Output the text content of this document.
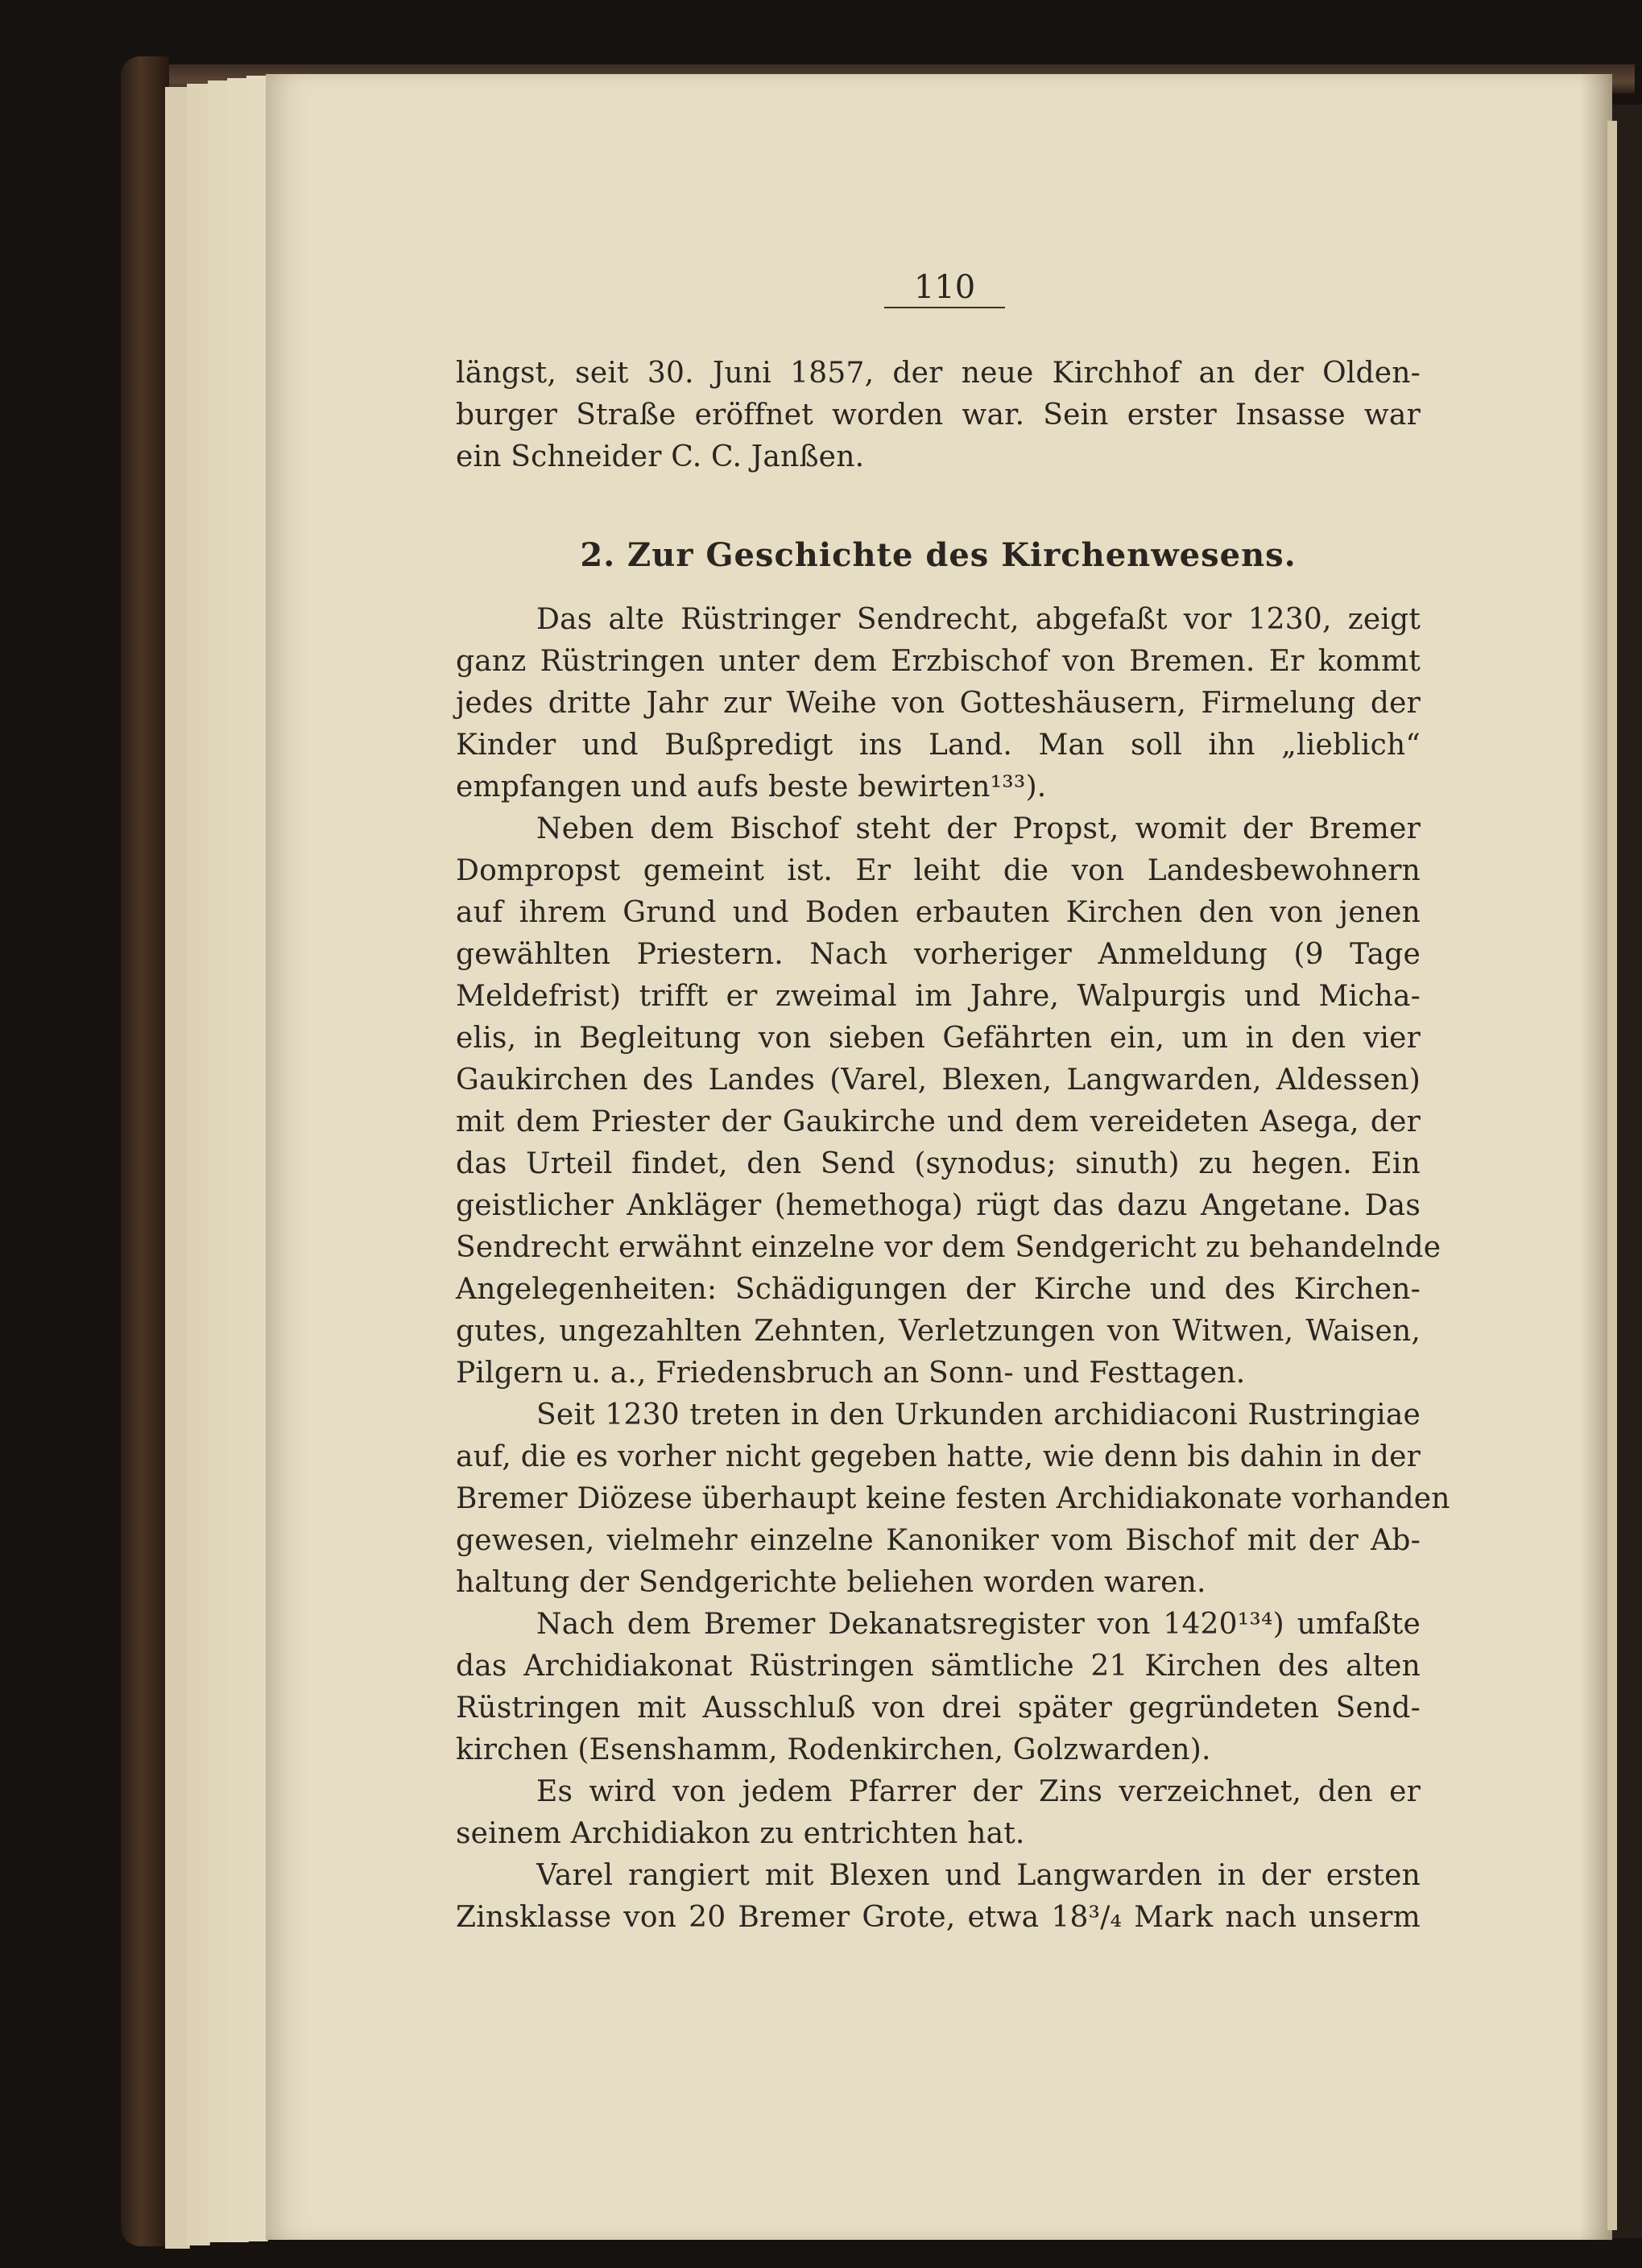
110
längst, seit 30. Juni 1857, der neue Kirchhof an der Olden-
burger Straße eröffnet worden war. Sein erster Insasse war
ein Schneider C. C. Janßen.
2. Zur Geschichte des Kirchenwesens.
Das alte Rüstringer Sendrecht, abgefaßt vor 1230, zeigt
ganz Rüstringen unter dem Erzbischof von Bremen. Er kommt
jedes dritte Jahr zur Weihe von Gotteshäusern, Firmelung der
Kinder und Bußpredigt ins Land. Man soll ihn „lieblich“
empfangen und aufs beste bewirten¹³³).
Neben dem Bischof steht der Propst, womit der Bremer
Dompropst gemeint ist. Er leiht die von Landesbewohnern
auf ihrem Grund und Boden erbauten Kirchen den von jenen
gewählten Priestern. Nach vorheriger Anmeldung (9 Tage
Meldefrist) trifft er zweimal im Jahre, Walpurgis und Micha-
elis, in Begleitung von sieben Gefährten ein, um in den vier
Gaukirchen des Landes (Varel, Blexen, Langwarden, Aldessen)
mit dem Priester der Gaukirche und dem vereideten Asega, der
das Urteil findet, den Send (synodus; sinuth) zu hegen. Ein
geistlicher Ankläger (hemethoga) rügt das dazu Angetane. Das
Sendrecht erwähnt einzelne vor dem Sendgericht zu behandelnde
Angelegenheiten: Schädigungen der Kirche und des Kirchen-
gutes, ungezahlten Zehnten, Verletzungen von Witwen, Waisen,
Pilgern u. a., Friedensbruch an Sonn- und Festtagen.
Seit 1230 treten in den Urkunden archidiaconi Rustringiae
auf, die es vorher nicht gegeben hatte, wie denn bis dahin in der
Bremer Diözese überhaupt keine festen Archidiakonate vorhanden
gewesen, vielmehr einzelne Kanoniker vom Bischof mit der Ab-
haltung der Sendgerichte beliehen worden waren.
Nach dem Bremer Dekanatsregister von 1420¹³⁴) umfaßte
das Archidiakonat Rüstringen sämtliche 21 Kirchen des alten
Rüstringen mit Ausschluß von drei später gegründeten Send-
kirchen (Esenshamm, Rodenkirchen, Golzwarden).
Es wird von jedem Pfarrer der Zins verzeichnet, den er
seinem Archidiakon zu entrichten hat.
Varel rangiert mit Blexen und Langwarden in der ersten
Zinsklasse von 20 Bremer Grote, etwa 18³/₄ Mark nach unserm
